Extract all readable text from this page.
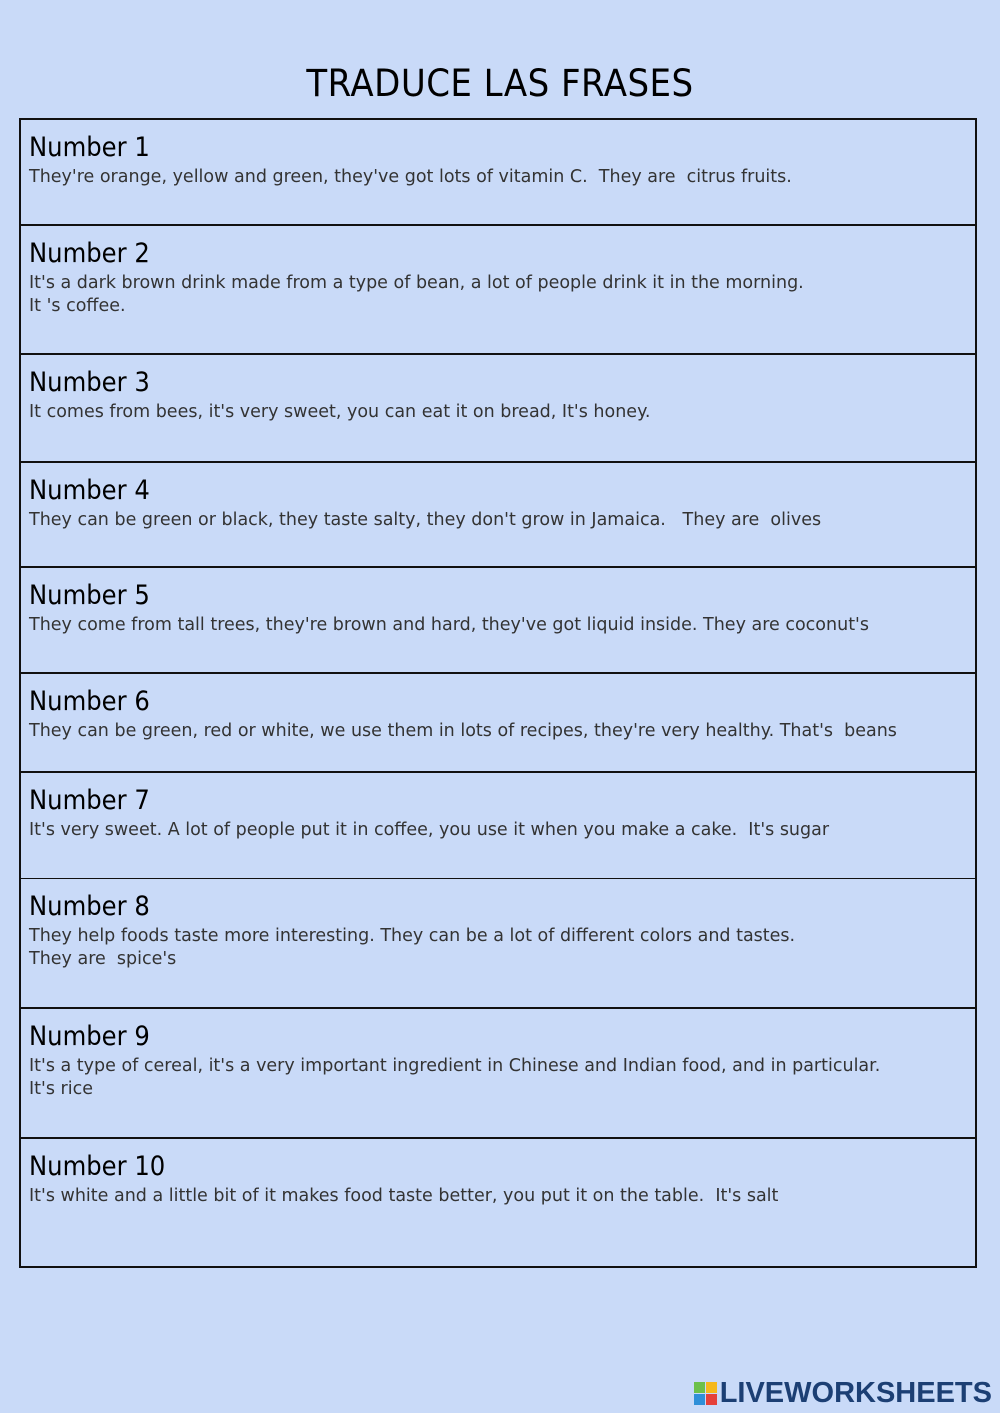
TRADUCE LAS FRASES
Number 1

They're orange, yellow and green, they've got lots of vitamin C.  They are  citrus fruits.

Number 2

It's a dark brown drink made from a type of bean, a lot of people drink it in the morning.
It 's coffee.

Number 3

It comes from bees, it's very sweet, you can eat it on bread, It's honey.

Number 4

They can be green or black, they taste salty, they don't grow in Jamaica.   They are  olives

Number 5

They come from tall trees, they're brown and hard, they've got liquid inside. They are coconut's

Number 6

They can be green, red or white, we use them in lots of recipes, they're very healthy. That's  beans

Number 7

It's very sweet. A lot of people put it in coffee, you use it when you make a cake.  It's sugar

Number 8

They help foods taste more interesting. They can be a lot of different colors and tastes.
They are  spice's

Number 9

It's a type of cereal, it's a very important ingredient in Chinese and Indian food, and in particular.
It's rice

Number 10

It's white and a little bit of it makes food taste better, you put it on the table.  It's salt

LIVEWORKSHEETS
